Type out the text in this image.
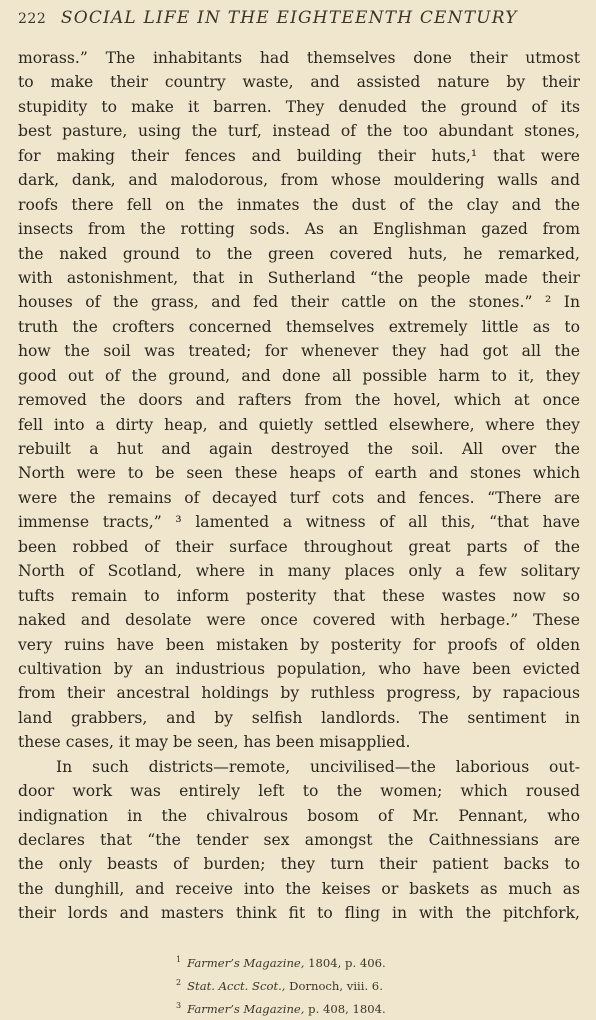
222 SOCIAL LIFE IN THE EIGHTEENTH CENTURY
morass.” The inhabitants had themselves done their utmost
to make their country waste, and assisted nature by their
stupidity to make it barren. They denuded the ground of its
best pasture, using the turf, instead of the too abundant stones,
for making their fences and building their huts,¹ that were
dark, dank, and malodorous, from whose mouldering walls and
roofs there fell on the inmates the dust of the clay and the
insects from the rotting sods. As an Englishman gazed from
the naked ground to the green covered huts, he remarked,
with astonishment, that in Sutherland “the people made their
houses of the grass, and fed their cattle on the stones.” ² In
truth the crofters concerned themselves extremely little as to
how the soil was treated; for whenever they had got all the
good out of the ground, and done all possible harm to it, they
removed the doors and rafters from the hovel, which at once
fell into a dirty heap, and quietly settled elsewhere, where they
rebuilt a hut and again destroyed the soil. All over the
North were to be seen these heaps of earth and stones which
were the remains of decayed turf cots and fences. “There are
immense tracts,” ³ lamented a witness of all this, “that have
been robbed of their surface throughout great parts of the
North of Scotland, where in many places only a few solitary
tufts remain to inform posterity that these wastes now so
naked and desolate were once covered with herbage.” These
very ruins have been mistaken by posterity for proofs of olden
cultivation by an industrious population, who have been evicted
from their ancestral holdings by ruthless progress, by rapacious
land grabbers, and by selfish landlords. The sentiment in
these cases, it may be seen, has been misapplied.
In such districts—remote, uncivilised—the laborious out-
door work was entirely left to the women; which roused
indignation in the chivalrous bosom of Mr. Pennant, who
declares that “the tender sex amongst the Caithnessians are
the only beasts of burden; they turn their patient backs to
the dunghill, and receive into the keises or baskets as much as
their lords and masters think fit to fling in with the pitchfork,
$^1$ Farmer’s Magazine, 1804, p. 406.
$^2$ Stat. Acct. Scot., Dornoch, viii. 6.
$^3$ Farmer’s Magazine, p. 408, 1804.
